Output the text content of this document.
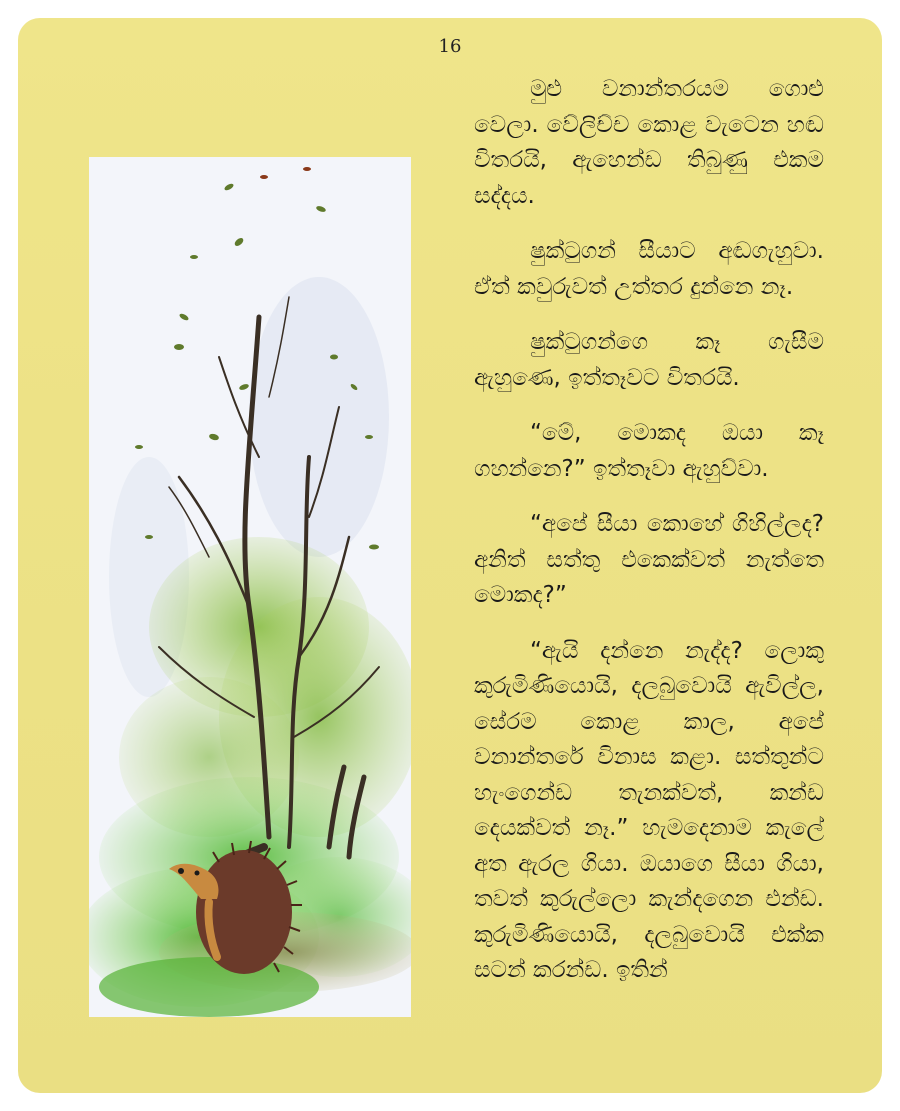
16

මුළු වනාන්තරයම ගොළු වෙලා. වේලිච්ච කොළ වැටෙන හඬ විතරයි, ඇහෙන්ඩ තිබුණු එකම සද්දය.

ෂුක්ටුගන් සීයාට අඬගැහුවා. ඒත් කවුරුවත් උත්තර දුන්නෙ නෑ.

ෂුක්ටුගන්ගෙ කෑ ගැසීම ඇහුණෙ, ඉත්තෑවට විතරයි.

“මේ, මොකද ඔයා කෑ ගහන්නෙ?” ඉත්තෑවා ඇහුව්වා.

“අපේ සීයා කොහේ ගිහිල්ලද? අනිත් සත්තු එකෙක්වත් නැත්තෙ මොකද?”

“ඇයි දන්නෙ නැද්ද? ලොකු කුරුමිණියොයි, දලබුවොයි ඇවිල්ල, සේරම කොළ කාල, අපේ වනාන්තරේ විනාස කළා. සත්තුන්ට හැංගෙන්ඩ තැනක්වත්, කන්ඩ දෙයක්වත් නෑ.” හැමදෙනාම කැලේ අත ඇරල ගියා. ඔයාගෙ සීයා ගියා, තවත් කුරුල්ලො කැන්දගෙන එන්ඩ. කුරුමිණියොයි, දලබුවොයි එක්ක සටන් කරන්ඩ. ඉතින්
